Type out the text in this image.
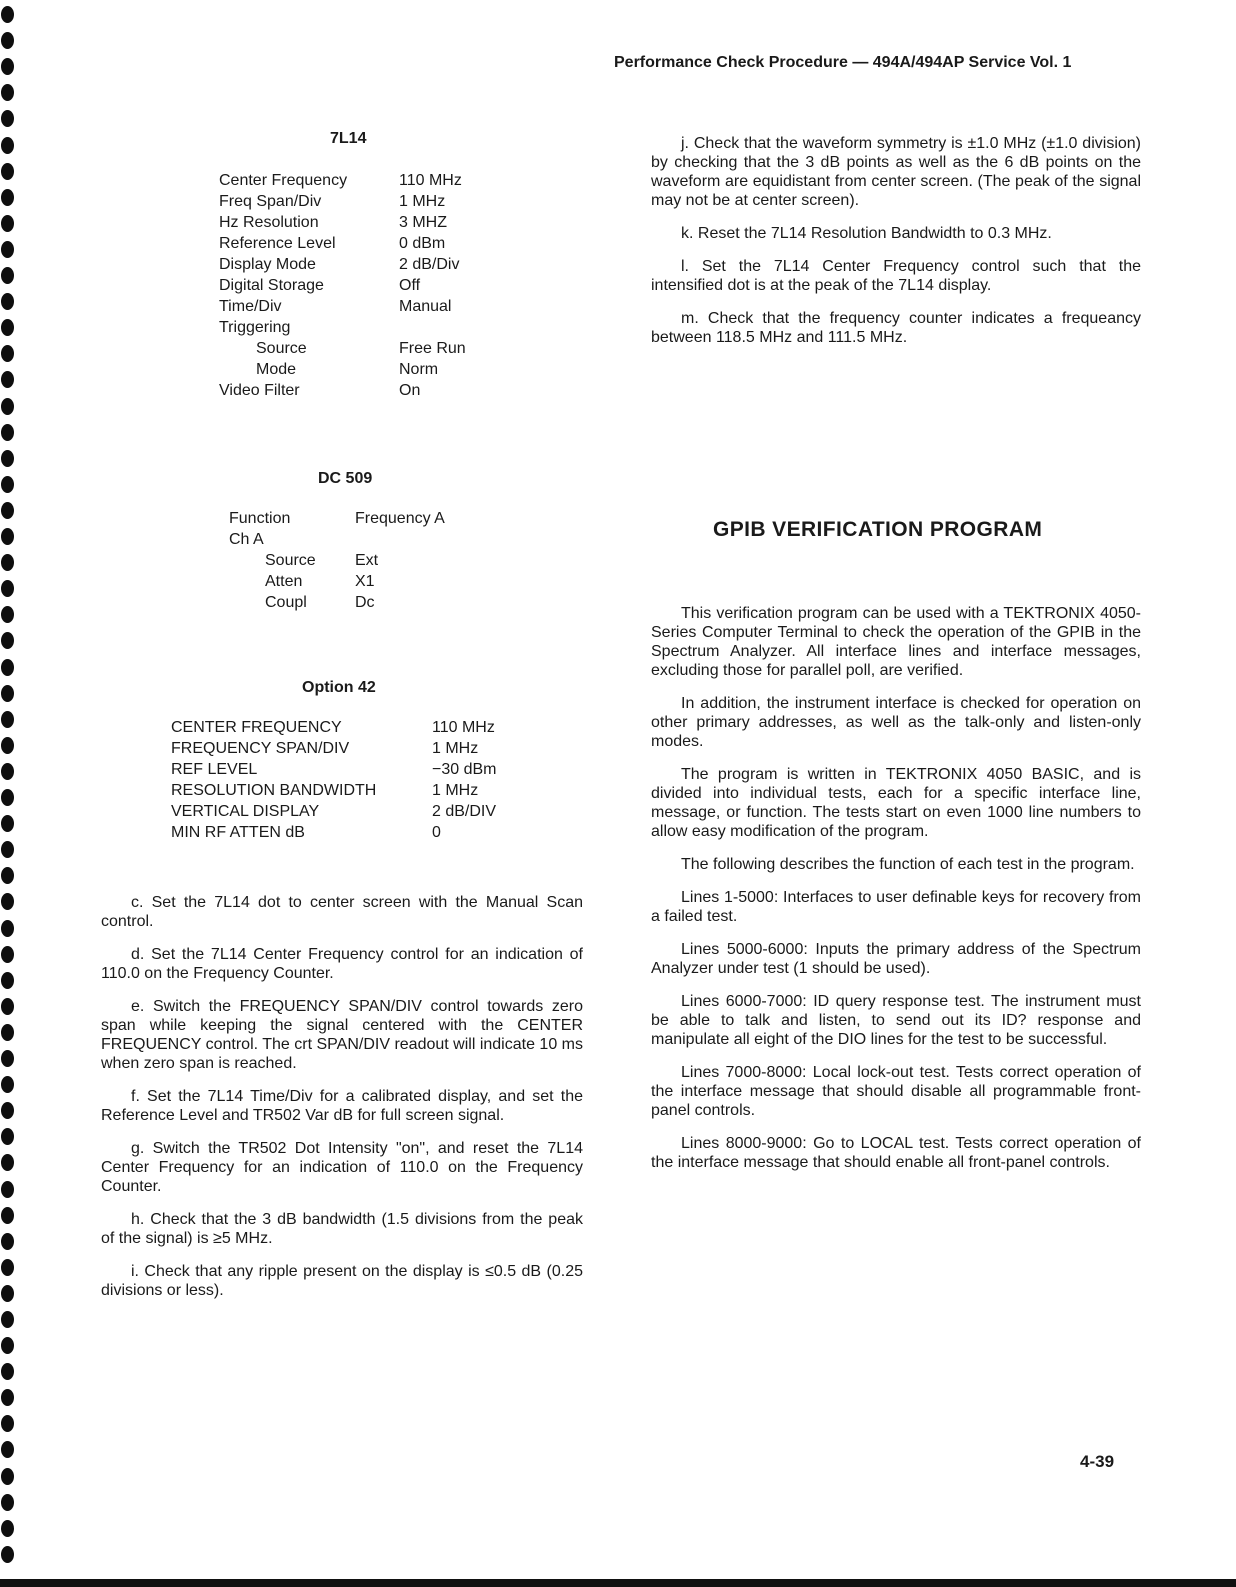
Performance Check Procedure — 494A/494AP Service Vol. 1
7L14
Center Frequency	110 MHz
Freq Span/Div	1 MHz
Hz Resolution	3 MHZ
Reference Level	0 dBm
Display Mode	2 dB/Div
Digital Storage	Off
Time/Div	Manual
Triggering
Source	Free Run
Mode	Norm
Video Filter	On
DC 509
Function	Frequency A
Ch A
Source	Ext
Atten	X1
Coupl	Dc
Option 42
CENTER FREQUENCY	110 MHz
FREQUENCY SPAN/DIV	1 MHz
REF LEVEL	−30 dBm
RESOLUTION BANDWIDTH	1 MHz
VERTICAL DISPLAY	2 dB/DIV
MIN RF ATTEN dB	0

c. Set the 7L14 dot to center screen with the Manual Scan control.

d. Set the 7L14 Center Frequency control for an indication of 110.0 on the Frequency Counter.

e. Switch the FREQUENCY SPAN/DIV control towards zero span while keeping the signal centered with the CENTER FREQUENCY control. The crt SPAN/DIV readout will indicate 10 ms when zero span is reached.

f. Set the 7L14 Time/Div for a calibrated display, and set the Reference Level and TR502 Var dB for full screen signal.

g. Switch the TR502 Dot Intensity "on", and reset the 7L14 Center Frequency for an indication of 110.0 on the Frequency Counter.

h. Check that the 3 dB bandwidth (1.5 divisions from the peak of the signal) is ≥5 MHz.

i. Check that any ripple present on the display is ≤0.5 dB (0.25 divisions or less).

j. Check that the waveform symmetry is ±1.0 MHz (±1.0 division) by checking that the 3 dB points as well as the 6 dB points on the waveform are equidistant from center screen. (The peak of the signal may not be at center screen).

k. Reset the 7L14 Resolution Bandwidth to 0.3 MHz.

l. Set the 7L14 Center Frequency control such that the intensified dot is at the peak of the 7L14 display.

m. Check that the frequency counter indicates a frequeancy between 118.5 MHz and 111.5 MHz.

GPIB VERIFICATION PROGRAM

This verification program can be used with a TEKTRONIX 4050-Series Computer Terminal to check the operation of the GPIB in the Spectrum Analyzer. All interface lines and interface messages, excluding those for parallel poll, are verified.

In addition, the instrument interface is checked for operation on other primary addresses, as well as the talk-only and listen-only modes.

The program is written in TEKTRONIX 4050 BASIC, and is divided into individual tests, each for a specific interface line, message, or function. The tests start on even 1000 line numbers to allow easy modification of the program.

The following describes the function of each test in the program.

Lines 1-5000: Interfaces to user definable keys for recovery from a failed test.

Lines 5000-6000: Inputs the primary address of the Spectrum Analyzer under test (1 should be used).

Lines 6000-7000: ID query response test. The instrument must be able to talk and listen, to send out its ID? response and manipulate all eight of the DIO lines for the test to be successful.

Lines 7000-8000: Local lock-out test. Tests correct operation of the interface message that should disable all programmable front-panel controls.

Lines 8000-9000: Go to LOCAL test. Tests correct operation of the interface message that should enable all front-panel controls.

4-39
